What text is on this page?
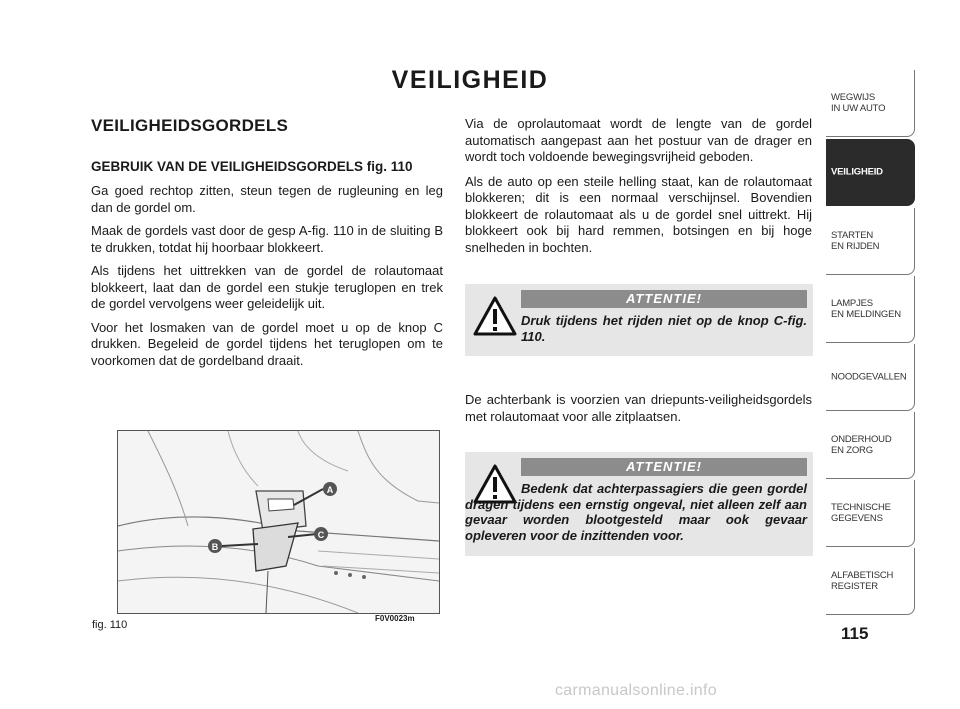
VEILIGHEID
VEILIGHEIDSGORDELS
GEBRUIK VAN DE VEILIGHEIDSGORDELS fig. 110

Ga goed rechtop zitten, steun tegen de rugleuning en leg dan de gordel om.

Maak de gordels vast door de gesp A-fig. 110 in de sluiting B te drukken, totdat hij hoorbaar blokkeert.

Als tijdens het uittrekken van de gordel de rolautomaat blokkeert, laat dan de gordel een stukje teruglopen en trek de gordel vervolgens weer geleidelijk uit.

Voor het losmaken van de gordel moet u op de knop C drukken. Begeleid de gordel tijdens het teruglopen om te voorkomen dat de gordelband draait.

A
B
C
fig. 110
F0V0023m

Via de oprolautomaat wordt de lengte van de gordel automatisch aangepast aan het postuur van de drager en wordt toch voldoende bewegingsvrijheid geboden.

Als de auto op een steile helling staat, kan de rolautomaat blokkeren; dit is een normaal verschijnsel. Bovendien blokkeert de rolautomaat als u de gordel snel uittrekt. Hij blokkeert ook bij hard remmen, botsingen en bij hoge snelheden in bochten.

ATTENTIE!
Druk tijdens het rijden niet op de knop C-fig. 110.

De achterbank is voorzien van driepunts-veiligheidsgordels met rolautomaat voor alle zitplaatsen.

ATTENTIE!
Bedenk dat achterpassagiers die geen gordel dragen tijdens een ernstig ongeval, niet alleen zelf aan gevaar worden blootgesteld maar ook gevaar opleveren voor de inzittenden voor.
WEGWIJS
IN UW AUTO
VEILIGHEID
STARTEN
EN RIJDEN
LAMPJES
EN MELDINGEN
NOODGEVALLEN
ONDERHOUD
EN ZORG
TECHNISCHE
GEGEVENS
ALFABETISCH
REGISTER
115
carmanualsonline.info
